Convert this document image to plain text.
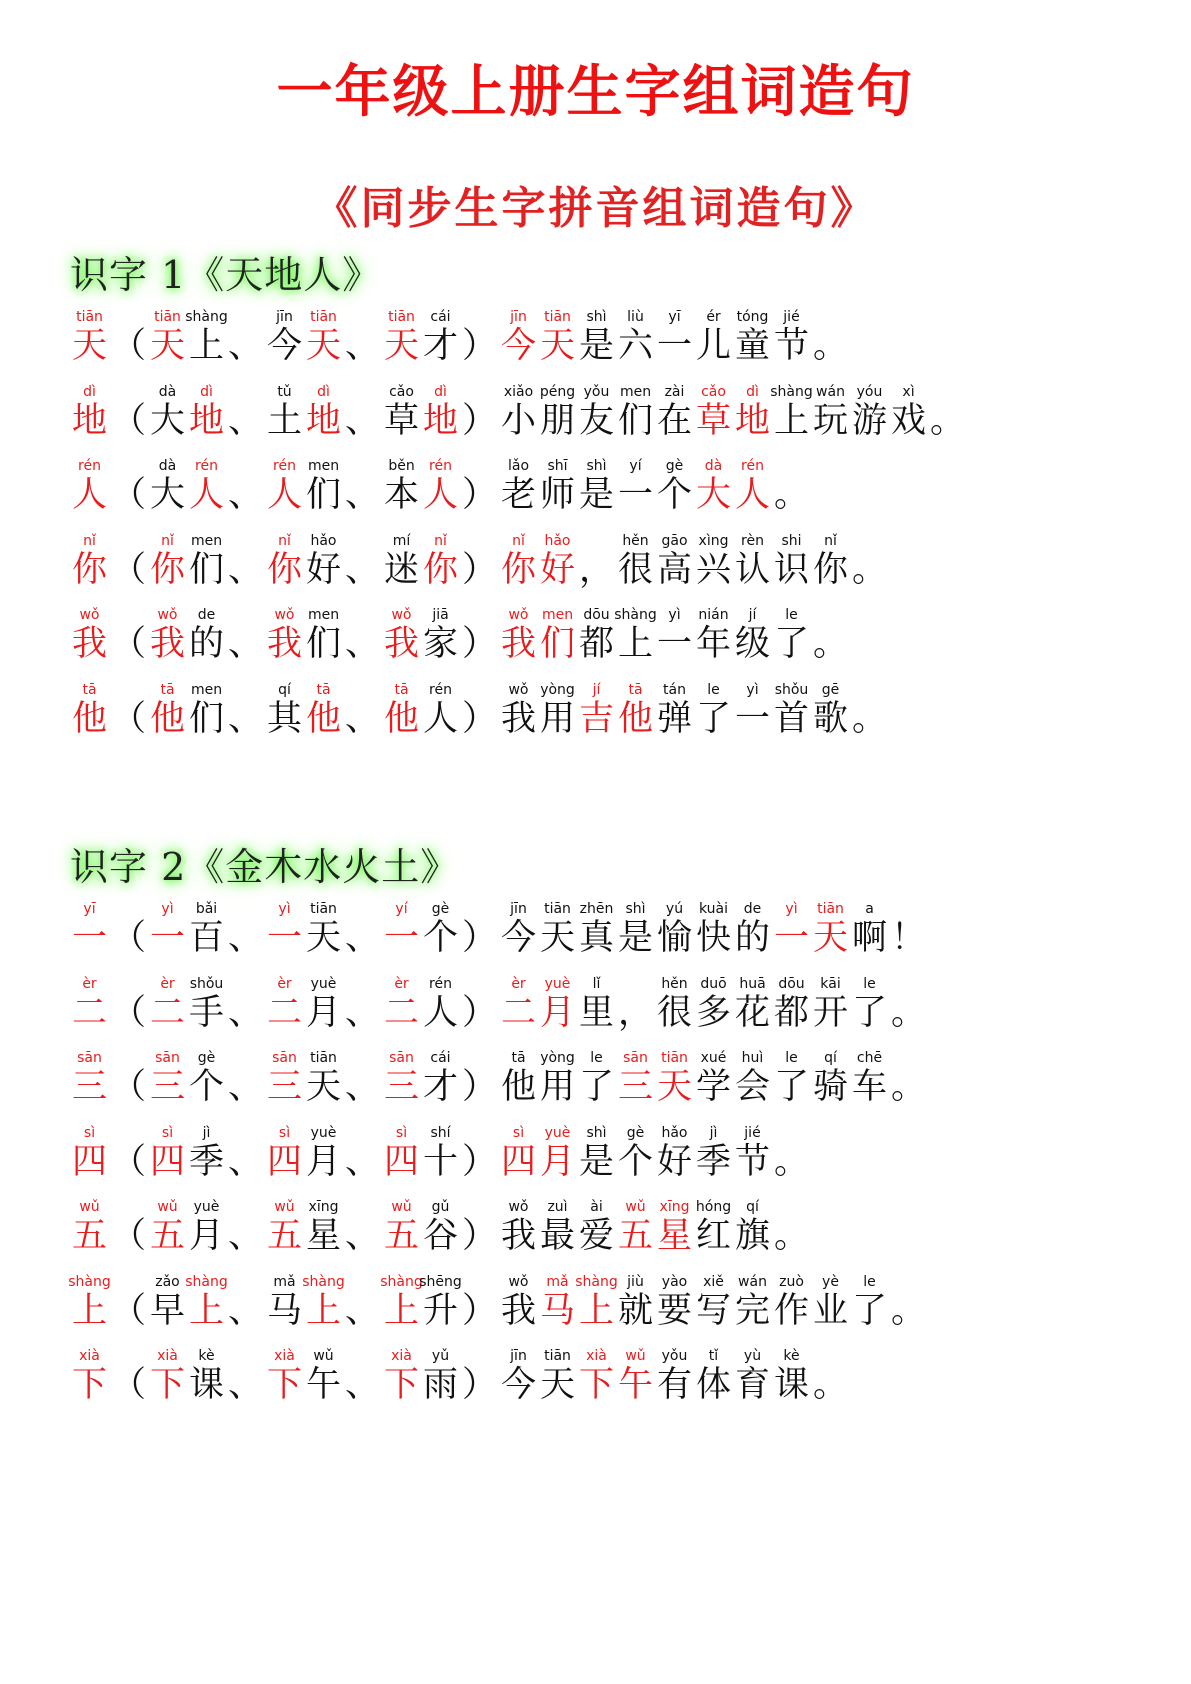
一年级上册生字组词造句
《同步生字拼音组词造句》
识字 1《天地人》
tiān
天 （
tiān
天
shàng
上 、
jīn
今
tiān
天 、
tiān
天
cái
才 ）
jīn
今
tiān
天
shì
是
liù
六
yī
一
ér
儿
tóng
童
jié
节 。
dì
地 （
dà
大
dì
地 、
tǔ
土
dì
地 、
cǎo
草
dì
地 ）
xiǎo
小
péng
朋
yǒu
友
men
们
zài
在
cǎo
草
dì
地
shàng
上
wán
玩
yóu
游
xì
戏 。
rén
人 （
dà
大
rén
人 、
rén
人
men
们 、
běn
本
rén
人 ）
lǎo
老
shī
师
shì
是
yí
一
gè
个
dà
大
rén
人 。
nǐ
你 （
nǐ
你
men
们 、
nǐ
你
hǎo
好 、
mí
迷
nǐ
你 ）
nǐ
你
hǎo
好 ，
hěn
很
gāo
高
xìng
兴
rèn
认
shi
识
nǐ
你 。
wǒ
我 （
wǒ
我
de
的 、
wǒ
我
men
们 、
wǒ
我
jiā
家 ）
wǒ
我
men
们
dōu
都
shàng
上
yì
一
nián
年
jí
级
le
了 。
tā
他 （
tā
他
men
们 、
qí
其
tā
他 、
tā
他
rén
人 ）
wǒ
我
yòng
用
jí
吉
tā
他
tán
弹
le
了
yì
一
shǒu
首
gē
歌 。
识字 2《金木水火土》
yī
一 （
yì
一
bǎi
百 、
yì
一
tiān
天 、
yí
一
gè
个 ）
jīn
今
tiān
天
zhēn
真
shì
是
yú
愉
kuài
快
de
的
yì
一
tiān
天
a
啊 ！
èr
二 （
èr
二
shǒu
手 、
èr
二
yuè
月 、
èr
二
rén
人 ）
èr
二
yuè
月
lǐ
里 ，
hěn
很
duō
多
huā
花
dōu
都
kāi
开
le
了 。
sān
三 （
sān
三
gè
个 、
sān
三
tiān
天 、
sān
三
cái
才 ）
tā
他
yòng
用
le
了
sān
三
tiān
天
xué
学
huì
会
le
了
qí
骑
chē
车 。
sì
四 （
sì
四
jì
季 、
sì
四
yuè
月 、
sì
四
shí
十 ）
sì
四
yuè
月
shì
是
gè
个
hǎo
好
jì
季
jié
节 。
wǔ
五 （
wǔ
五
yuè
月 、
wǔ
五
xīng
星 、
wǔ
五
gǔ
谷 ）
wǒ
我
zuì
最
ài
爱
wǔ
五
xīng
星
hóng
红
qí
旗 。
shàng
上 （
zǎo
早
shàng
上 、
mǎ
马
shàng
上 、
shàng
上
shēng
升 ）
wǒ
我
mǎ
马
shàng
上
jiù
就
yào
要
xiě
写
wán
完
zuò
作
yè
业
le
了 。
xià
下 （
xià
下
kè
课 、
xià
下
wǔ
午 、
xià
下
yǔ
雨 ）
jīn
今
tiān
天
xià
下
wǔ
午
yǒu
有
tǐ
体
yù
育
kè
课 。
